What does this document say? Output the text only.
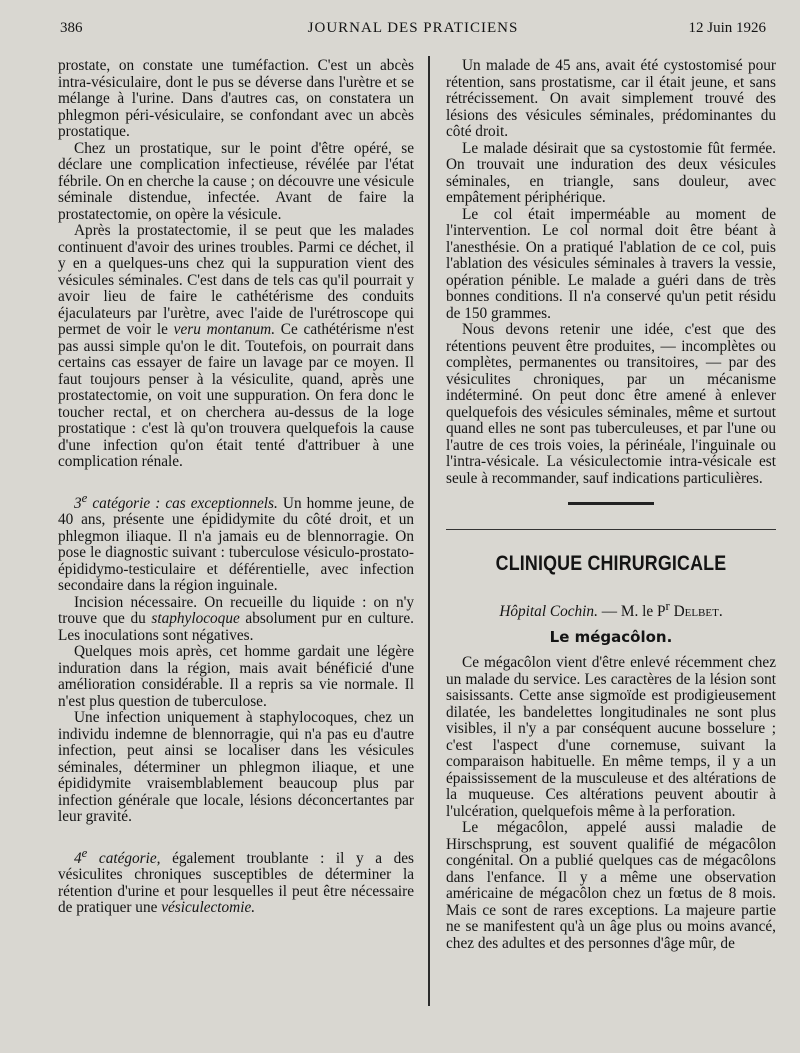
386	JOURNAL DES PRATICIENS	12 Juin 1926

prostate, on constate une tuméfaction. C'est un abcès intra-vésiculaire, dont le pus se déverse dans l'urètre et se mélange à l'urine. Dans d'autres cas, on constatera un phlegmon péri-vésiculaire, se confondant avec un abcès prostatique.

Chez un prostatique, sur le point d'être opéré, se déclare une complication infectieuse, révélée par l'état fébrile. On en cherche la cause ; on découvre une vésicule séminale distendue, infectée. Avant de faire la prostatectomie, on opère la vésicule.

Après la prostatectomie, il se peut que les malades continuent d'avoir des urines troubles. Parmi ce déchet, il y en a quelques-uns chez qui la suppuration vient des vésicules séminales. C'est dans de tels cas qu'il pourrait y avoir lieu de faire le cathétérisme des conduits éjaculateurs par l'urètre, avec l'aide de l'urétroscope qui permet de voir le veru montanum. Ce cathétérisme n'est pas aussi simple qu'on le dit. Toutefois, on pourrait dans certains cas essayer de faire un lavage par ce moyen. Il faut toujours penser à la vésiculite, quand, après une prostatectomie, on voit une suppuration. On fera donc le toucher rectal, et on cherchera au-dessus de la loge prostatique : c'est là qu'on trouvera quelquefois la cause d'une infection qu'on était tenté d'attribuer à une complication rénale.

3e catégorie : cas exceptionnels. Un homme jeune, de 40 ans, présente une épididymite du côté droit, et un phlegmon iliaque. Il n'a jamais eu de blennorragie. On pose le diagnostic suivant : tuberculose vésiculo-prostato-épididymo-testiculaire et déférentielle, avec infection secondaire dans la région inguinale.

Incision nécessaire. On recueille du liquide : on n'y trouve que du staphylocoque absolument pur en culture. Les inoculations sont négatives.

Quelques mois après, cet homme gardait une légère induration dans la région, mais avait bénéficié d'une amélioration considérable. Il a repris sa vie normale. Il n'est plus question de tuberculose.

Une infection uniquement à staphylocoques, chez un individu indemne de blennorragie, qui n'a pas eu d'autre infection, peut ainsi se localiser dans les vésicules séminales, déterminer un phlegmon iliaque, et une épididymite vraisemblablement beaucoup plus par infection générale que locale, lésions déconcertantes par leur gravité.

4e catégorie, également troublante : il y a des vésiculites chroniques susceptibles de déterminer la rétention d'urine et pour lesquelles il peut être nécessaire de pratiquer une vésiculectomie.

Un malade de 45 ans, avait été cystostomisé pour rétention, sans prostatisme, car il était jeune, et sans rétrécissement. On avait simplement trouvé des lésions des vésicules séminales, prédominantes du côté droit.

Le malade désirait que sa cystostomie fût fermée. On trouvait une induration des deux vésicules séminales, en triangle, sans douleur, avec empâtement périphérique.

Le col était imperméable au moment de l'intervention. Le col normal doit être béant à l'anesthésie. On a pratiqué l'ablation de ce col, puis l'ablation des vésicules séminales à travers la vessie, opération pénible. Le malade a guéri dans de très bonnes conditions. Il n'a conservé qu'un petit résidu de 150 grammes.

Nous devons retenir une idée, c'est que des rétentions peuvent être produites, — incomplètes ou complètes, permanentes ou transitoires, — par des vésiculites chroniques, par un mécanisme indéterminé. On peut donc être amené à enlever quelquefois des vésicules séminales, même et surtout quand elles ne sont pas tuberculeuses, et par l'une ou l'autre de ces trois voies, la périnéale, l'inguinale ou l'intra-vésicale. La vésiculectomie intra-vésicale est seule à recommander, sauf indications particulières.

CLINIQUE CHIRURGICALE
Hôpital Cochin. — M. le $P^r$ Delbet.
Le mégacôlon.

Ce mégacôlon vient d'être enlevé récemment chez un malade du service. Les caractères de la lésion sont saisissants. Cette anse sigmoïde est prodigieusement dilatée, les bandelettes longitudinales ne sont plus visibles, il n'y a par conséquent aucune bosselure ; c'est l'aspect d'une cornemuse, suivant la comparaison habituelle. En même temps, il y a un épaississement de la musculeuse et des altérations de la muqueuse. Ces altérations peuvent aboutir à l'ulcération, quelquefois même à la perforation.

Le mégacôlon, appelé aussi maladie de Hirschsprung, est souvent qualifié de mégacôlon congénital. On a publié quelques cas de mégacôlons dans l'enfance. Il y a même une observation américaine de mégacôlon chez un fœtus de 8 mois. Mais ce sont de rares exceptions. La majeure partie ne se manifestent qu'à un âge plus ou moins avancé, chez des adultes et des personnes d'âge mûr, de
